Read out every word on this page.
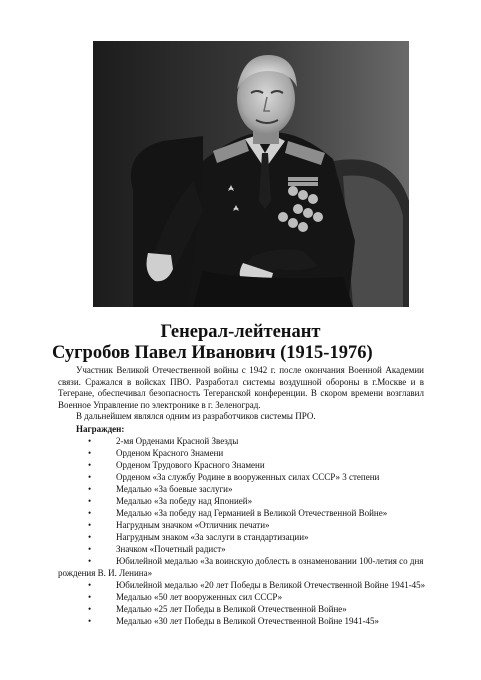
Генерал-лейтенант
Сугробов Павел Иванович (1915-1976)

Участник Великой Отечественной войны с 1942 г. после окончания Военной Академии связи. Сражался в войсках ПВО. Разработал системы воздушной обороны в г.Москве и в Тегеране, обеспечивал безопасность Тегеранской конференции. В скором времени возглавил Военное Управление по электронике в г. Зеленоград.

В дальнейшем являлся одним из разработчиков системы ПРО.

Награжден:
•	2-мя Орденами Красной Звезды
•	Орденом Красного Знамени
•	Орденом Трудового Красного Знамени
•	Орденом «За службу Родине в вооруженных силах СССР» 3 степени
•	Медалью «За боевые заслуги»
•	Медалью «За победу над Японией»
•	Медалью «За победу над Германией в Великой Отечественной Войне»
•	Нагрудным значком «Отличник печати»
•	Нагрудным знаком «За заслуги в стандартизации»
•	Значком «Почетный радист»
•	Юбилейной медалью «За воинскую доблесть в ознаменовании 100-летия со дня
рождения В. И. Ленина»
•	Юбилейной медалью «20 лет Победы в Великой Отечественной Войне 1941-45»
•	Медалью «50 лет вооруженных сил СССР»
•	Медалью «25 лет Победы в Великой Отечественной Войне»
•	Медалью «30 лет Победы в Великой Отечественной Войне 1941-45»
